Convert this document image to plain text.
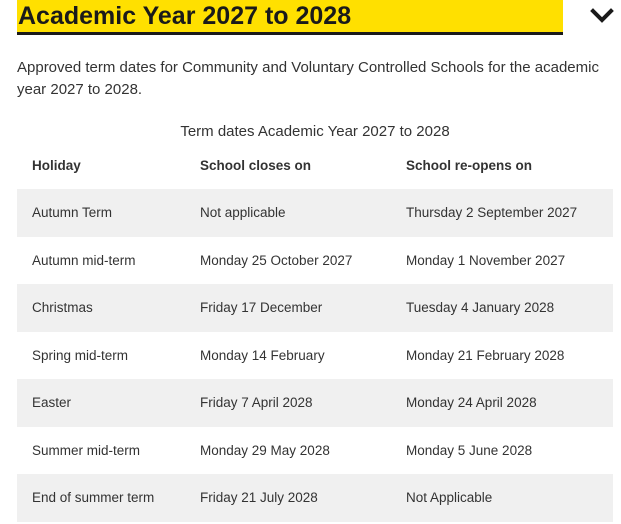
Academic Year 2027 to 2028

Approved term dates for Community and Voluntary Controlled Schools for the academic year 2027 to 2028.

Term dates Academic Year 2027 to 2028
Holiday	School closes on	School re-opens on
Autumn Term	Not applicable	Thursday 2 September 2027
Autumn mid-term	Monday 25 October 2027	Monday 1 November 2027
Christmas	Friday 17 December	Tuesday 4 January 2028
Spring mid-term	Monday 14 February	Monday 21 February 2028
Easter	Friday 7 April 2028	Monday 24 April 2028
Summer mid-term	Monday 29 May 2028	Monday 5 June 2028
End of summer term	Friday 21 July 2028	Not Applicable
